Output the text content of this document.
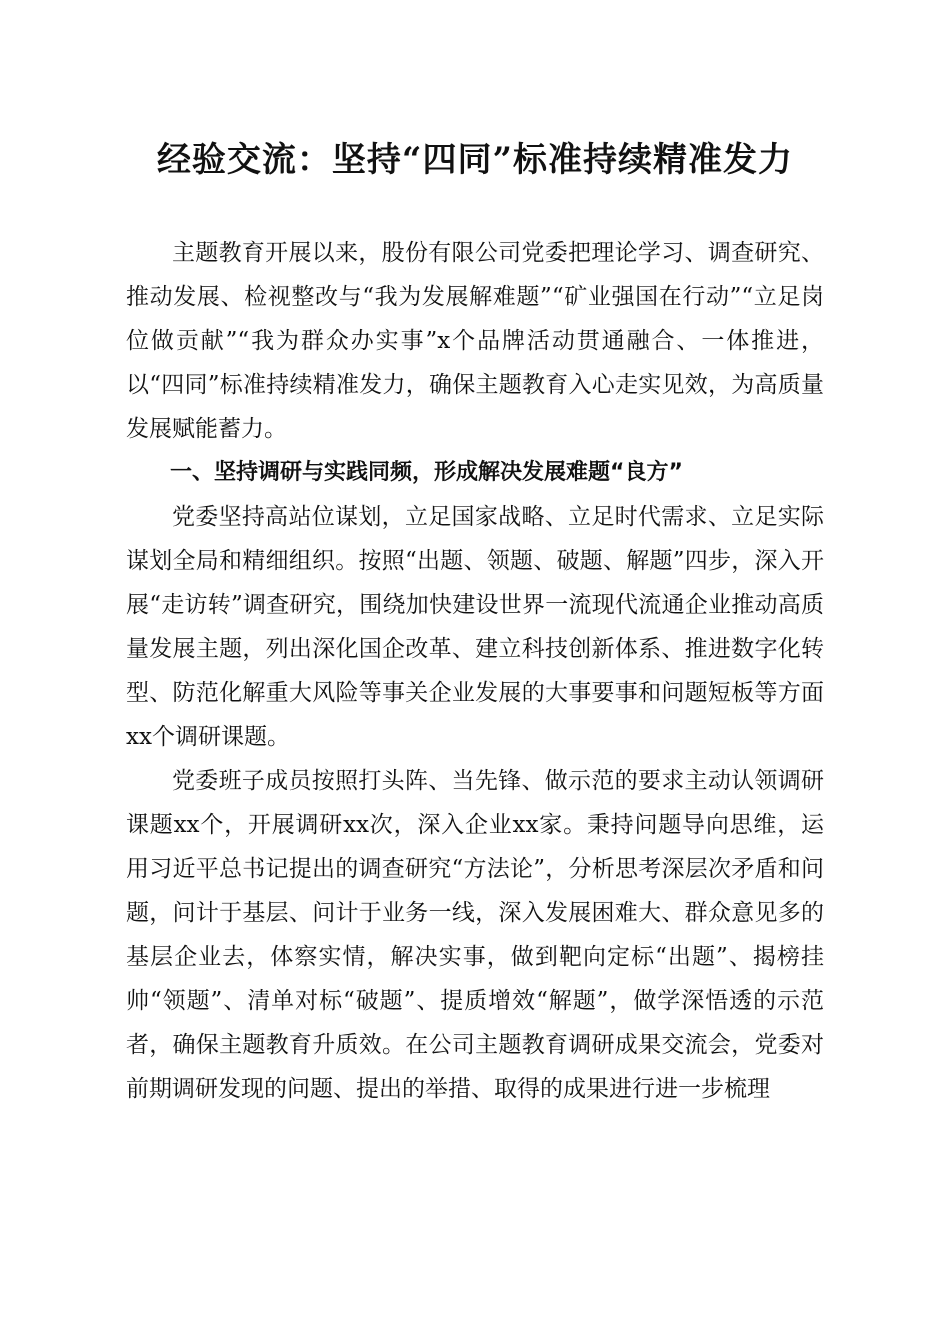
经验交流：坚持“四同”标准持续精准发力

主题教育开展以来，股份有限公司党委把理论学习、调查研究、推动发展、检视整改与“我为发展解难题”“矿业强国在行动”“立足岗位做贡献”“我为群众办实事”x个品牌活动贯通融合、一体推进，以“四同”标准持续精准发力，确保主题教育入心走实见效，为高质量发展赋能蓄力。

一、坚持调研与实践同频，形成解决发展难题“良方”

党委坚持高站位谋划，立足国家战略、立足时代需求、立足实际谋划全局和精细组织。按照“出题、领题、破题、解题”四步，深入开展“走访转”调查研究，围绕加快建设世界一流现代流通企业推动高质量发展主题，列出深化国企改革、建立科技创新体系、推进数字化转型、防范化解重大风险等事关企业发展的大事要事和问题短板等方面xx个调研课题。

党委班子成员按照打头阵、当先锋、做示范的要求主动认领调研课题xx个，开展调研xx次，深入企业xx家。秉持问题导向思维，运用习近平总书记提出的调查研究“方法论”，分析思考深层次矛盾和问题，问计于基层、问计于业务一线，深入发展困难大、群众意见多的基层企业去，体察实情，解决实事，做到靶向定标“出题”、揭榜挂帅“领题”、清单对标“破题”、提质增效“解题”，做学深悟透的示范者，确保主题教育升质效。在公司主题教育调研成果交流会，党委对前期调研发现的问题、提出的举措、取得的成果进行进一步梳理
